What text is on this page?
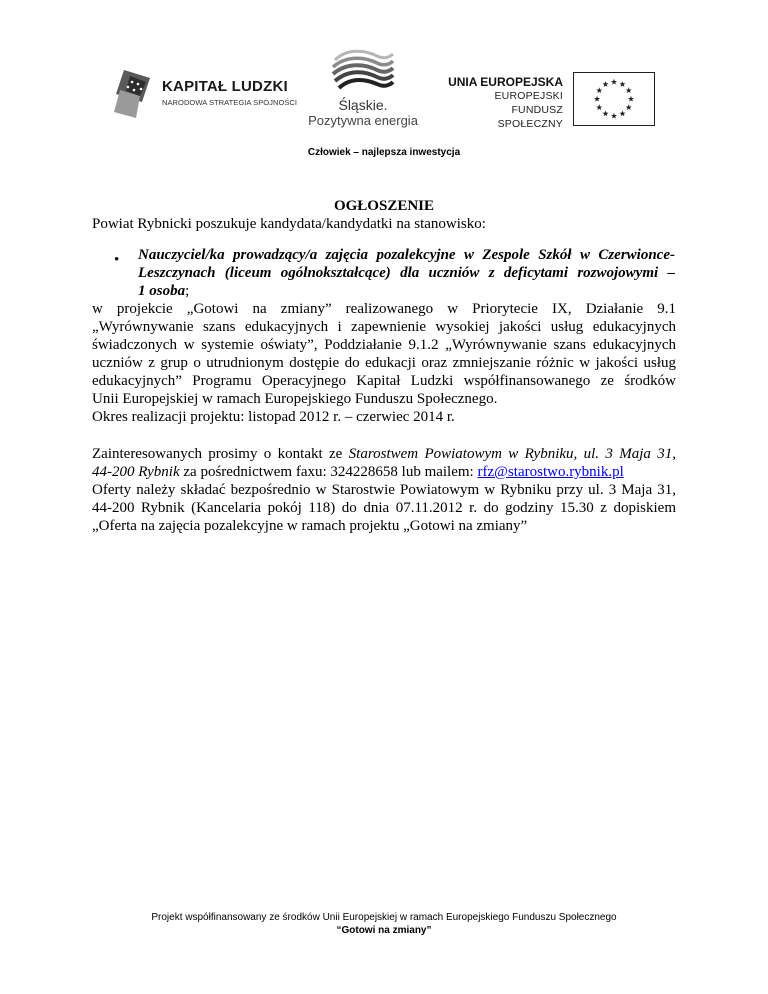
KAPITAŁ LUDZKI
NARODOWA STRATEGIA SPÓJNOŚCI	Śląskie.
Pozytywna energia
UNIA EUROPEJSKA
EUROPEJSKI
FUNDUSZ SPOŁECZNY
Człowiek – najlepsza inwestycja
OGŁOSZENIE
Powiat Rybnicki poszukuje kandydata/kandydatki na stanowisko:
• Nauczyciel/ka prowadzący/a zajęcia pozalekcyjne w Zespole Szkół w Czerwionce-
Leszczynach (liceum ogólnokształcące) dla uczniów z deficytami rozwojowymi –
1 osoba;
w projekcie „Gotowi na zmiany” realizowanego w Priorytecie IX, Działanie 9.1
„Wyrównywanie szans edukacyjnych i zapewnienie wysokiej jakości usług edukacyjnych
świadczonych w systemie oświaty”, Poddziałanie 9.1.2 „Wyrównywanie szans edukacyjnych
uczniów z grup o utrudnionym dostępie do edukacji oraz zmniejszanie różnic w jakości usług
edukacyjnych” Programu Operacyjnego Kapitał Ludzki współfinansowanego ze środków
Unii Europejskiej w ramach Europejskiego Funduszu Społecznego.
Okres realizacji projektu: listopad 2012 r. – czerwiec 2014 r.
Zainteresowanych prosimy o kontakt ze Starostwem Powiatowym w Rybniku, ul. 3 Maja 31,
44-200 Rybnik za pośrednictwem faxu: 324228658 lub mailem: rfz@starostwo.rybnik.pl
Oferty należy składać bezpośrednio w Starostwie Powiatowym w Rybniku przy ul. 3 Maja 31,
44-200 Rybnik (Kancelaria pokój 118) do dnia 07.11.2012 r. do godziny 15.30 z dopiskiem
„Oferta na zajęcia pozalekcyjne w ramach projektu „Gotowi na zmiany”
Projekt współfinansowany ze środków Unii Europejskiej w ramach Europejskiego Funduszu Społecznego
“Gotowi na zmiany”
